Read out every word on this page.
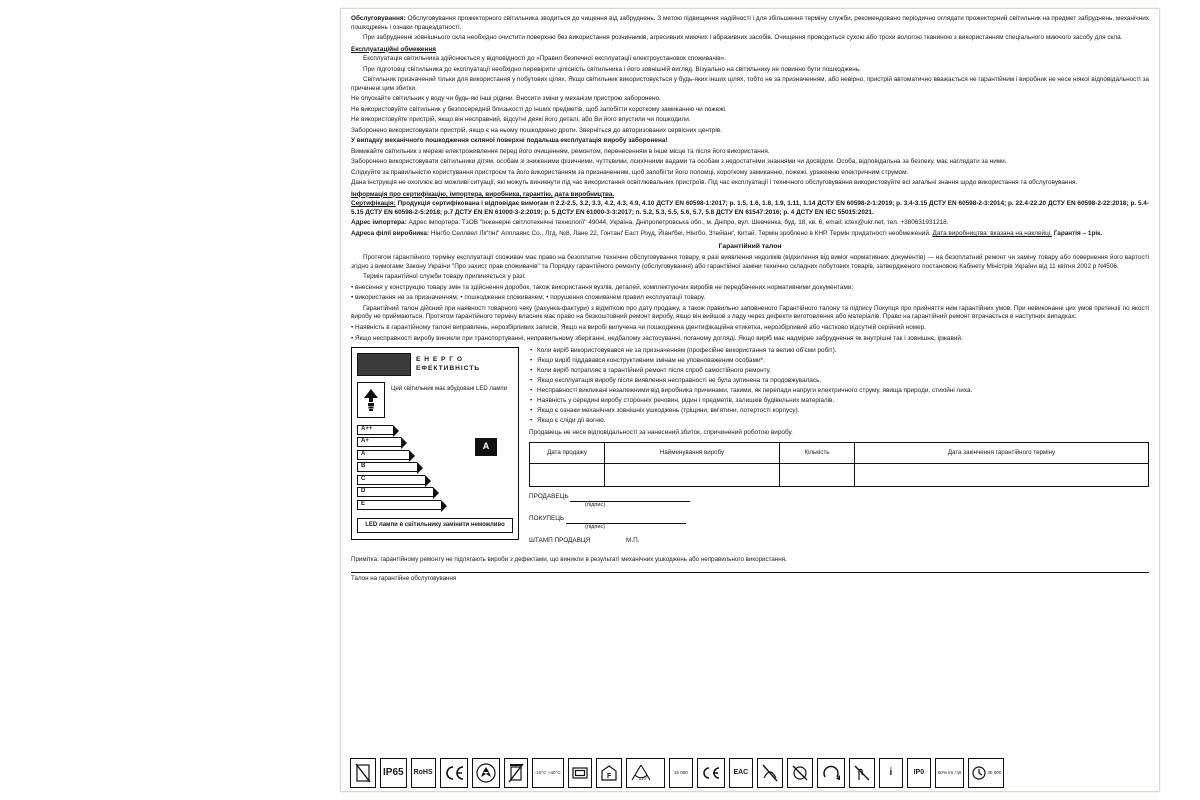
Обслуговування: Обслуговування прожекторного світильника зводиться до чищення від забруднень. З метою підвищення надійності і для збільшення терміну служби, рекомендовано періодично оглядати прожекторний світильник на предмет забруднень, механічних пошкоджень і ознаки працездатності.

При забрудненні зовнішнього скла необхідно очистити поверхню без використання розчинників, агресивних миючих і абразивних засобів. Очищення проводиться сухою або трохи вологою тканиною з використанням спеціального миючого засобу для скла.

Експлуатаційні обмеження

Експлуатація світильника здійснюється у відповідності до «Правил безпечної експлуатації електроустановок споживачів».

При підготовці світильника до експлуатації необхідно перевірити цілісність світильника і його зовнішній вигляд. Візуально на світильнику не повинно бути пошкоджень.

Світильник призначений тільки для використання у побутових цілях. Якщо світильник використовується у будь-яких інших цілях, тобто не за призначенням, або невірно, пристрій автоматично вважається не гарантійним і виробник не несе ніякої відповідальності за причинені цим збитки.

Не опускайте світильник у воду чи будь-які інші рідини. Вносити зміни у механізм пристрою заборонено.

Не використовуйте світильник у безпосередній близькості до інших предметів, щоб запобігти короткому замиканню чи пожежі.

Не використовуйте пристрій, якщо він несправний, відсутні деякі його деталі, або Ви його впустили чи пошкодили.

Заборонено використовувати пристрій, якщо є на ньому пошкоджено дроти. Зверніться до авторизованих сервісних центрів.

У випадку механічного пошкодження скляної поверхні подальша експлуатація виробу заборонена!

Вимикайте світильник з мережі електроживлення перед його очищенням, ремонтом, перенесенням в інше місце та після його використання.

Заборонено використовувати світильники дітям, особам зі зниженими фізичними, чуттєвими, психічними вадами та особам з недостатніми знаннями чи досвідом. Особа, відповідальна за безпеку, має наглядати за ними.

Слідкуйте за правильністю користування пристроєм та його використанням за призначенням, щоб запобігти його поломці, короткому замиканню, пожежі, ураженню електричним струмом.

Дана інструкція не охоплює всі можливі ситуації, які можуть виникнути під час використання освітлювальних пристроїв. Під час експлуатації і технічного обслуговування використовуйте всі загальні знання щодо використання та обслуговування.

Інформація про сертифікацію, імпортера, виробника, гарантію, дата виробництва.

Сертифікація: Продукція сертифікована і відповідає вимогам п 2.2-2.5, 3.2, 3.3, 4.2, 4.3, 4.9, 4.10 ДСТУ EN 60598-1:2017; р. 1.5, 1.6, 1.8, 1.9, 1.11, 1.14 ДСТУ EN 60598-2-1:2019; р. 3.4-3.15 ДСТУ EN 60598-2-3:2014; р. 22.4-22.20 ДСТУ EN 60598-2-22:2018; р. 5.4-5.15 ДСТУ EN 60598-2-5:2018; р.7 ДСТУ EN EN 61000-3-2:2019; р. 5 ДСТУ EN 61000-3-3:2017; п. 5.2, 5.3, 5.5, 5.6, 5.7, 5.8 ДСТУ EN 61547:2016; р. 4 ДСТУ EN IEC 55015:2021.

Адрес імпортера: Адрес імпортера: ТзОВ "Інженерні світлотехнічні технології" 49044, Україна, Дніпропетровська обл., м. Дніпро, вул. Шевченка, буд. 18, кв. 6, email: ictex@ukr.net, тел. +380631931218.

Адреса філії виробника: Нінгбо Селлвел Ліґтінґ' Апплаянс Со., Лтд, №8, Лане 22, Гонтанґ Еаст Роуд, Йіанґбеі, Нінгбо, Зтейіанґ, Китай. Термін зроблено в КНР. Термін придатності необмежений. Дата виробництва: вказана на наклейці. Гарантія – 1рік.

Гарантійний талон

Протягом гарантійного терміну експлуатації споживач має право на безоплатне технічне обслуговування товару, в разі виявлення недоліків (відхилення від вимог нормативних документів) — на безоплатний ремонт чи заміну товару або повернення його вартості згідно з вимогами Закону України "Про захист прав споживачів" та Порядку гарантійного ремонту (обслуговування) або гарантійної заміни технічно складних побутових товарів, затвердженого постановою Кабінету Міністрів України від 11 квітня 2002 р N4506.

Термін гарантійної служби товару припиняється у разі:

• внесення у конструкцію товару змін та здійснення доробок, також використання вузлів, деталей, комплектуючих виробів не передбачених нормативними документами;

• використання не за призначенням; • пошкодження споживачем; • порушення споживачем правил експлуатації товару.

Гарантійний талон дійсний при наявності товарного чеку (рахунка-фактури) з відміткою про дату продажу, а також правильно заповненого Гарантійного талону та підпису Покупця про прийняття ним гарантійних умов. При невиконанні цих умов претензії по якості виробу не приймаються. Протягом гарантійного терміну власник має право на безкоштовний ремонт виробу, якщо він вийшов з ладу через дефекти виготовлення або матеріалів. Право на гарантійний ремонт втрачається в наступних випадках:

• Наявність в гарантійному талоні виправлень, нерозбірливих записів. Якщо на виробі вилучена чи пошкоджена ідентифікаційна етикетка, нерозбірливий або частково відсутній серійний номер.

• Якщо несправності виробу виникли при транспортуванні, неправильному зберіганні, недбалому застосуванні, поганому догляді. Якщо виріб має надмірне забруднення як внутрішні так і зовнішнє, іржавий.

Е Н Е Р Г О
ЕФЕКТИВНІСТЬ
Цей світильник має вбудовані LED лампи
A++
A+
A
B
C
D
E
A
LED лампи в світильнику замінити неможливо

• Коли виріб використовувався не за призначенням (професійне використання та великі об'єми робіт).

• Якщо виріб піддавався конструктивним змінам не уповноваженим особами*.

• Коли виріб потрапляє в гарантійний ремонт після спроб самостійного ремонту.

• Якщо експлуатація виробу після виявлення несправності не була зупинена та продовжувалась.

• Несправності викликані незалежними від виробника причинами, такими, як перепади напруги електричного струму, явища природи, стихійні лиха.

• Наявність у середині виробу сторонніх речовин, рідин і предметів, залишків будівельних матеріалів.

• Якщо є ознаки механічних зовнішніх ушкоджень (тріщини, вм'ятини, потертості корпусу).

• Якщо є сліди дії вогню.

Продавець не несе відповідальності за нанесений збиток, спричинений роботою виробу.

Дата продажу	Найменування виробу	Кількість	Дата закінчення гарантійного терміну

ПРОДАВЕЦЬ
(підпис)
ПОКУПЕЦЬ
(підпис)
ШТАМП ПРОДАВЦЯ	М.П.

Примітка: гарантійному ремонту не підлягають вироби з дефектами, що виникли в результаті механічних ушкоджень або неправильного використання.

Талон на гарантійне обслуговування

IP65	RoHS	-10°C +40°C
F	110°
15 000	EAC	i	IP0	60% lm / W	30 000
